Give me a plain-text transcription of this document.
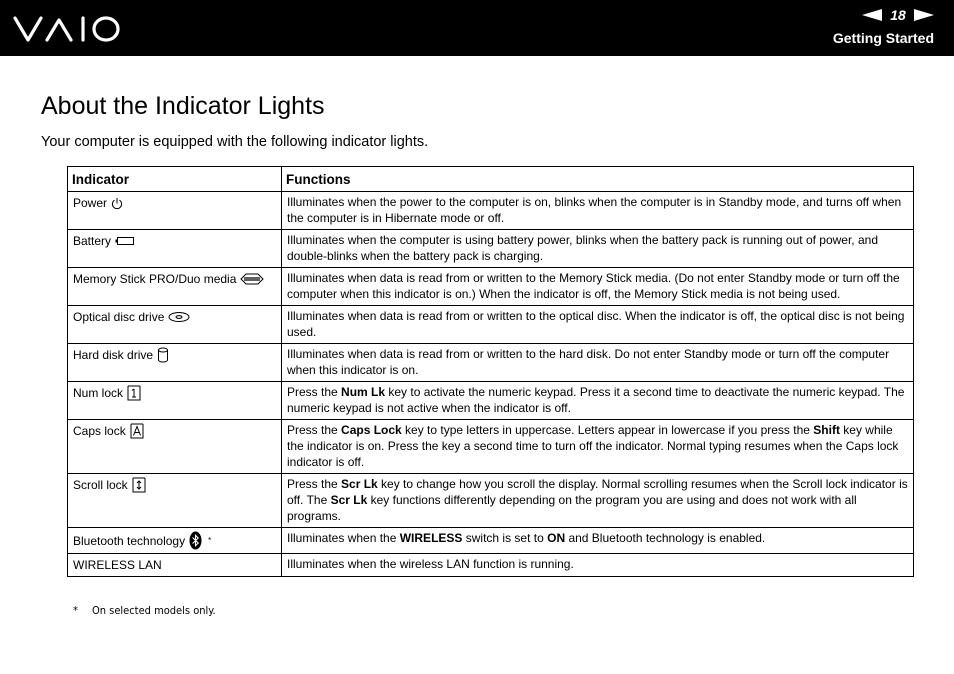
18
Getting Started
About the Indicator Lights

Your computer is equipped with the following indicator lights.

Indicator	Functions

Power	Illuminates when the power to the computer is on, blinks when the computer is in Standby mode, and turns off when the computer is in Hibernate mode or off.

Battery	Illuminates when the computer is using battery power, blinks when the battery pack is running out of power, and double-blinks when the battery pack is charging.

Memory Stick PRO/Duo media	Illuminates when data is read from or written to the Memory Stick media. (Do not enter Standby mode or turn off the computer when this indicator is on.) When the indicator is off, the Memory Stick media is not being used.

Optical disc drive	Illuminates when data is read from or written to the optical disc. When the indicator is off, the optical disc is not being used.

Hard disk drive	Illuminates when data is read from or written to the hard disk. Do not enter Standby mode or turn off the computer when this indicator is on.

Num lock	Press the Num Lk key to activate the numeric keypad. Press it a second time to deactivate the numeric keypad. The numeric keypad is not active when the indicator is off.

Caps lock	Press the Caps Lock key to type letters in uppercase. Letters appear in lowercase if you press the Shift key while the indicator is on. Press the key a second time to turn off the indicator. Normal typing resumes when the Caps lock indicator is off.

Scroll lock	Press the Scr Lk key to change how you scroll the display. Normal scrolling resumes when the Scroll lock indicator is off. The Scr Lk key functions differently depending on the program you are using and does not work with all programs.

Bluetooth technology *	Illuminates when the WIRELESS switch is set to ON and Bluetooth technology is enabled.

WIRELESS LAN	Illuminates when the wireless LAN function is running.
* On selected models only.
